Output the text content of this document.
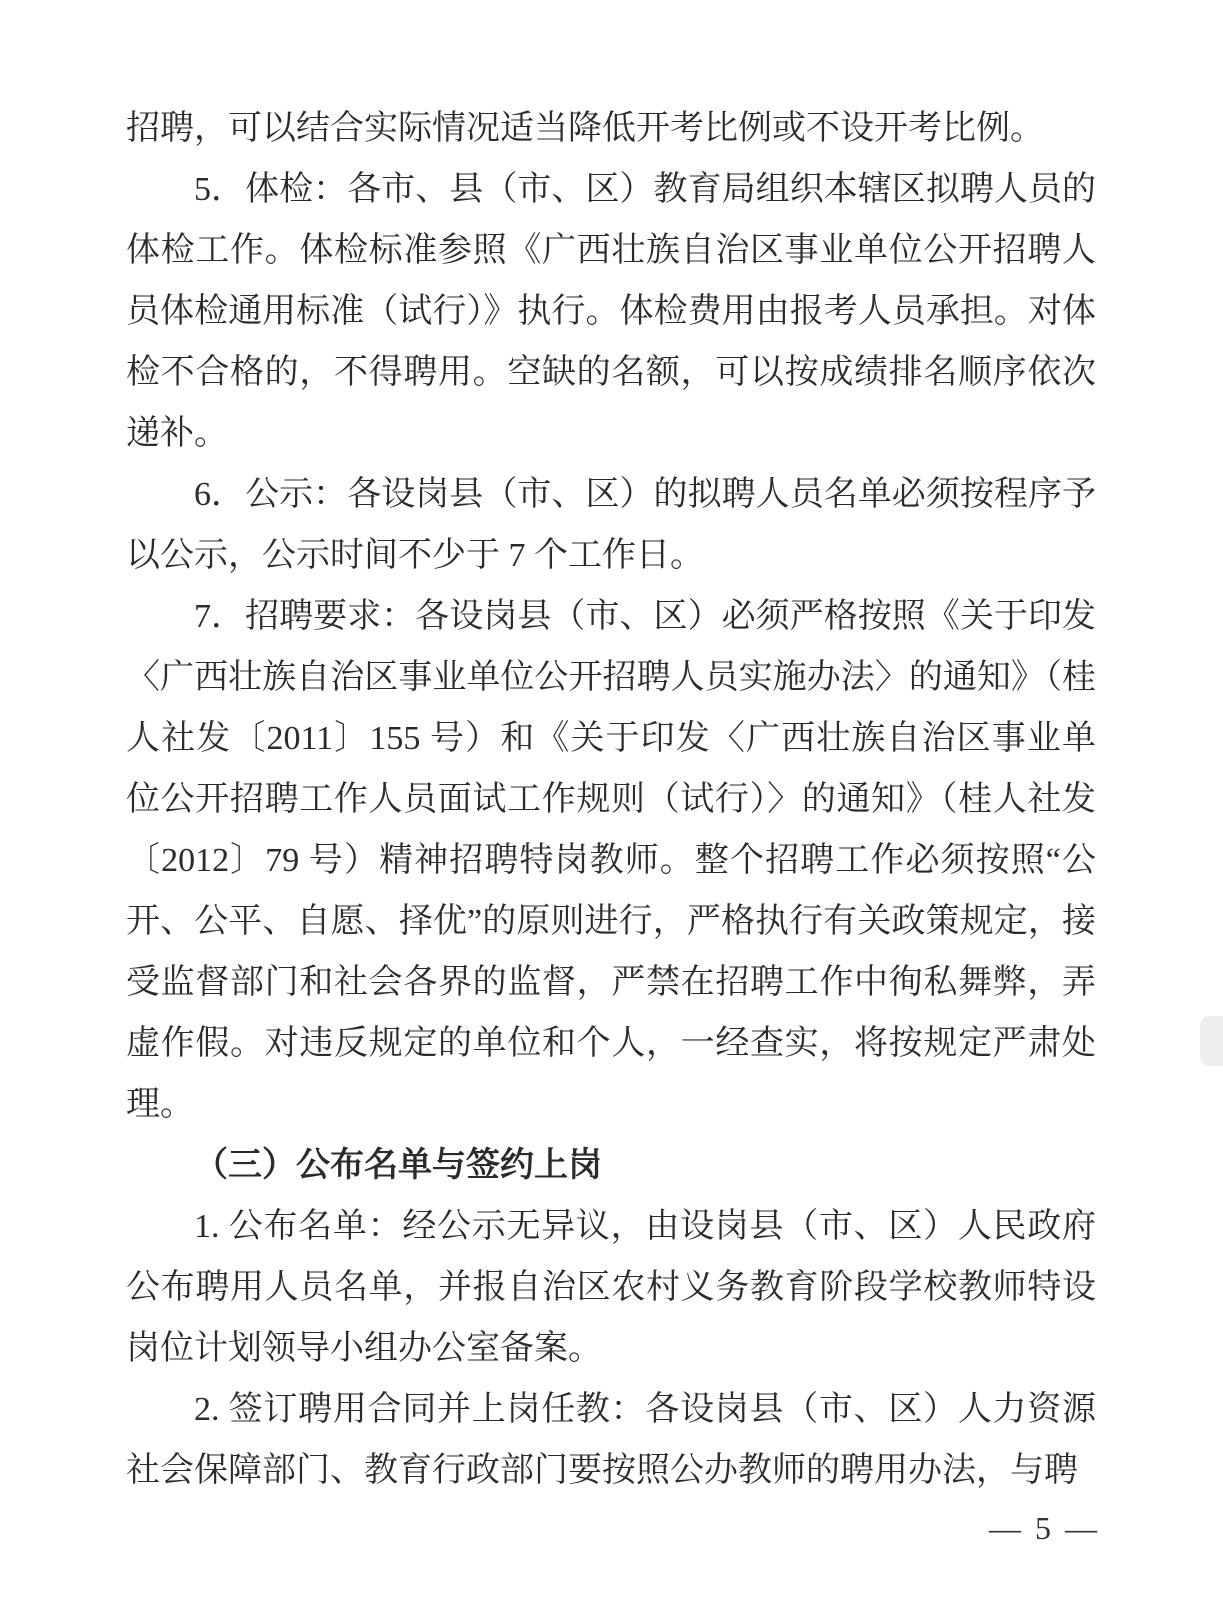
招聘，可以结合实际情况适当降低开考比例或不设开考比例。

5．体检：各市、县（市、区）教育局组织本辖区拟聘人员的体检工作。体检标准参照《广西壮族自治区事业单位公开招聘人员体检通用标准（试行）》执行。体检费用由报考人员承担。对体检不合格的，不得聘用。空缺的名额，可以按成绩排名顺序依次递补。

6．公示：各设岗县（市、区）的拟聘人员名单必须按程序予以公示，公示时间不少于 7 个工作日。

7．招聘要求：各设岗县（市、区）必须严格按照《关于印发〈广西壮族自治区事业单位公开招聘人员实施办法〉的通知》（桂人社发〔2011〕155 号）和《关于印发〈广西壮族自治区事业单位公开招聘工作人员面试工作规则（试行）〉的通知》（桂人社发〔2012〕79 号）精神招聘特岗教师。整个招聘工作必须按照“公开、公平、自愿、择优”的原则进行，严格执行有关政策规定，接受监督部门和社会各界的监督，严禁在招聘工作中徇私舞弊，弄虚作假。对违反规定的单位和个人，一经查实，将按规定严肃处理。

（三）公布名单与签约上岗

1. 公布名单：经公示无异议，由设岗县（市、区）人民政府公布聘用人员名单，并报自治区农村义务教育阶段学校教师特设岗位计划领导小组办公室备案。

2. 签订聘用合同并上岗任教：各设岗县（市、区）人力资源社会保障部门、教育行政部门要按照公办教师的聘用办法，与聘

— 5 —
